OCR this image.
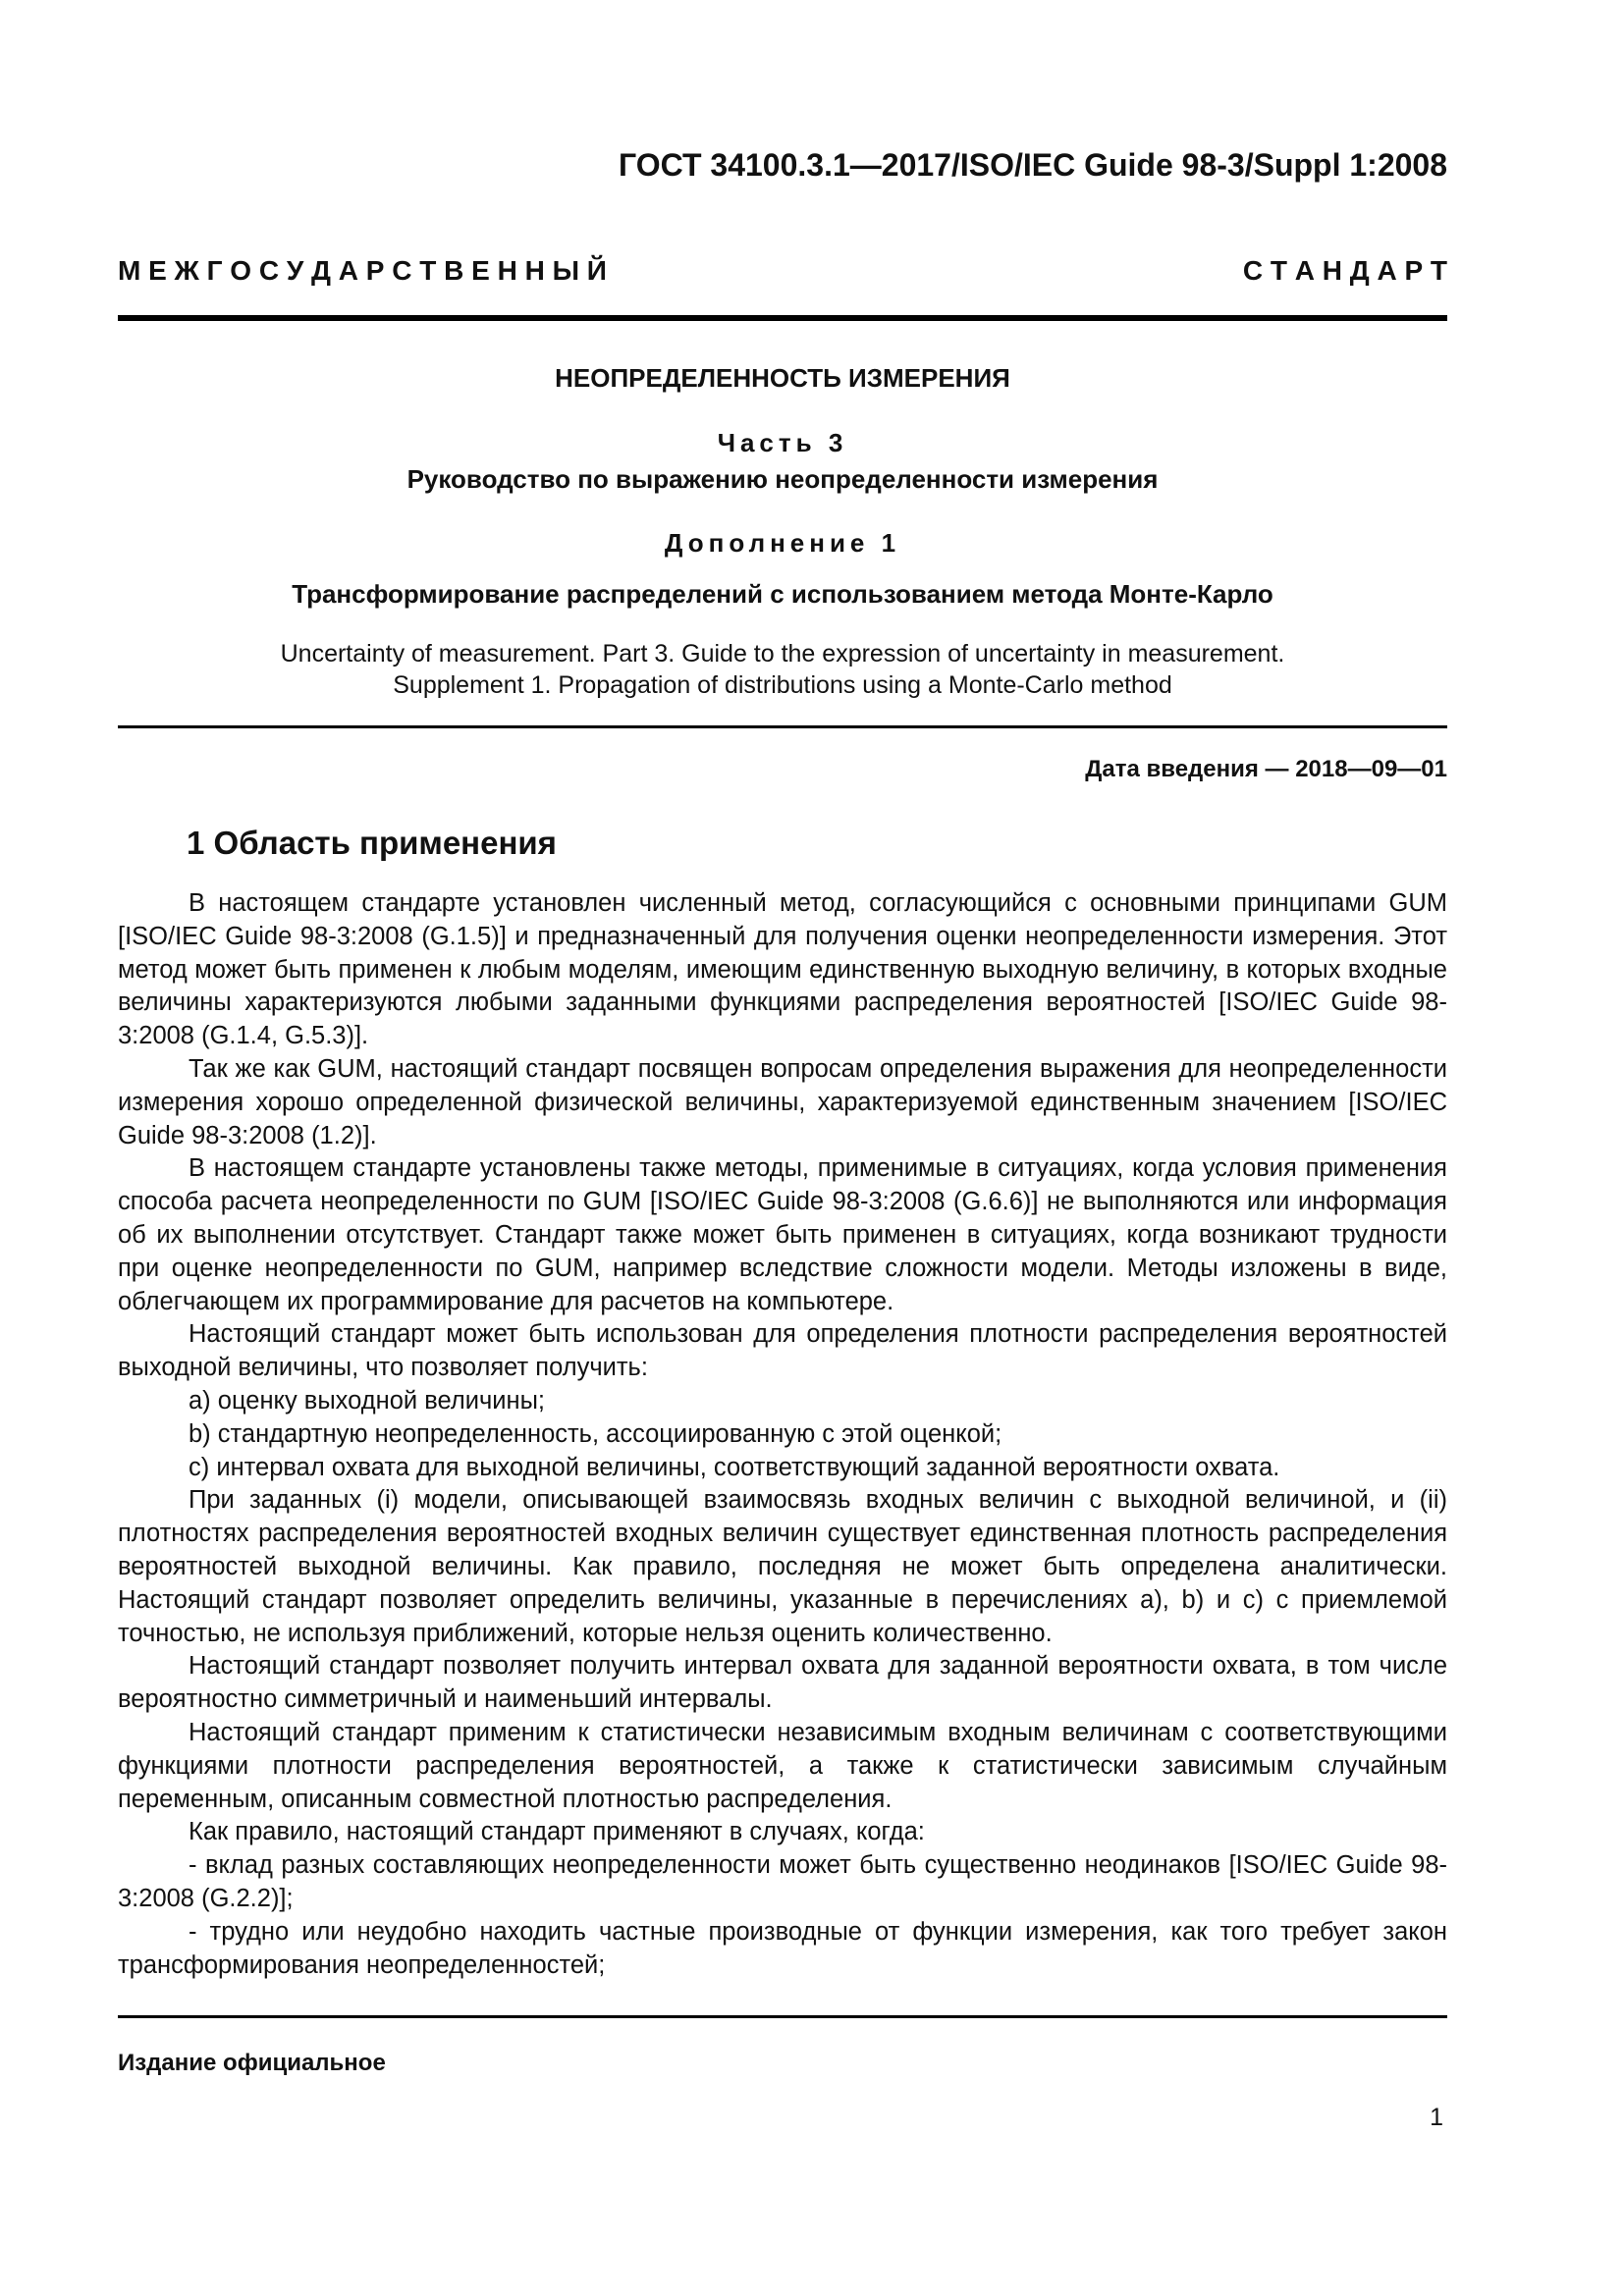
ГОСТ 34100.3.1—2017/ISO/IEC Guide 98-3/Suppl 1:2008
М Е Ж Г О С У Д А Р С Т В Е Н Н Ы Й	С Т А Н Д А Р Т
НЕОПРЕДЕЛЕННОСТЬ ИЗМЕРЕНИЯ
Часть 3
Руководство по выражению неопределенности измерения
Дополнение 1
Трансформирование распределений с использованием метода Монте-Карло
Uncertainty of measurement. Part 3. Guide to the expression of uncertainty in measurement.
Supplement 1. Propagation of distributions using a Monte-Carlo method
Дата введения — 2018—09—01
1 Область применения

В настоящем стандарте установлен численный метод, согласующийся с основными принципами GUM [ISO/IEC Guide 98-3:2008 (G.1.5)] и предназначенный для получения оценки неопределенности измерения. Этот метод может быть применен к любым моделям, имеющим единственную выходную величину, в которых входные величины характеризуются любыми заданными функциями распределения вероятностей [ISO/IEC Guide 98-3:2008 (G.1.4, G.5.3)].

Так же как GUM, настоящий стандарт посвящен вопросам определения выражения для неопределенности измерения хорошо определенной физической величины, характеризуемой единственным значением [ISO/IEC Guide 98-3:2008 (1.2)].

В настоящем стандарте установлены также методы, применимые в ситуациях, когда условия применения способа расчета неопределенности по GUM [ISO/IEC Guide 98-3:2008 (G.6.6)] не выполняются или информация об их выполнении отсутствует. Стандарт также может быть применен в ситуациях, когда возникают трудности при оценке неопределенности по GUM, например вследствие сложности модели. Методы изложены в виде, облегчающем их программирование для расчетов на компьютере.

Настоящий стандарт может быть использован для определения плотности распределения вероятностей выходной величины, что позволяет получить:

а) оценку выходной величины;

b) стандартную неопределенность, ассоциированную с этой оценкой;

с) интервал охвата для выходной величины, соответствующий заданной вероятности охвата.

При заданных (i) модели, описывающей взаимосвязь входных величин с выходной величиной, и (ii) плотностях распределения вероятностей входных величин существует единственная плотность распределения вероятностей выходной величины. Как правило, последняя не может быть определена аналитически. Настоящий стандарт позволяет определить величины, указанные в перечислениях а), b) и с) с приемлемой точностью, не используя приближений, которые нельзя оценить количественно.

Настоящий стандарт позволяет получить интервал охвата для заданной вероятности охвата, в том числе вероятностно симметричный и наименьший интервалы.

Настоящий стандарт применим к статистически независимым входным величинам с соответствующими функциями плотности распределения вероятностей, а также к статистически зависимым случайным переменным, описанным совместной плотностью распределения.

Как правило, настоящий стандарт применяют в случаях, когда:

- вклад разных составляющих неопределенности может быть существенно неодинаков [ISO/IEC Guide 98-3:2008 (G.2.2)];

- трудно или неудобно находить частные производные от функции измерения, как того требует закон трансформирования неопределенностей;

Издание официальное
1
